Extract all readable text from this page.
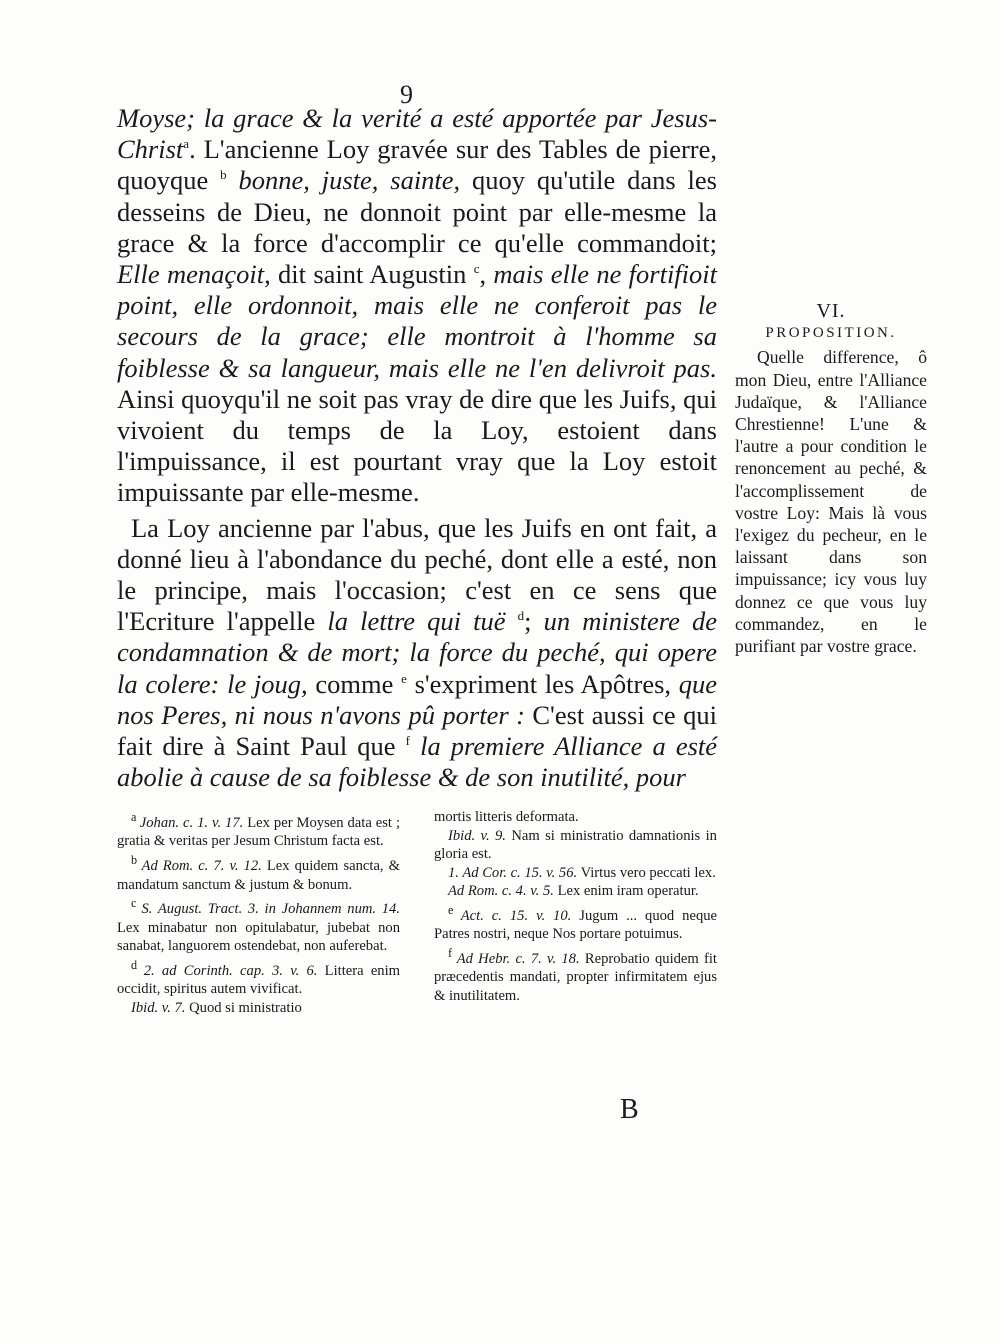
9

Moyse; la grace & la verité a esté apportée par Jesus-Christ$^a$. L'ancienne Loy gravée sur des Tables de pierre, quoyque $^b$ bonne, juste, sainte, quoy qu'utile dans les desseins de Dieu, ne donnoit point par elle-mesme la grace & la force d'accomplir ce qu'elle commandoit; Elle menaçoit, dit saint Augustin $^c$, mais elle ne fortifioit point, elle ordonnoit, mais elle ne conferoit pas le secours de la grace; elle montroit à l'homme sa foiblesse & sa langueur, mais elle ne l'en delivroit pas. Ainsi quoyqu'il ne soit pas vray de dire que les Juifs, qui vivoient du temps de la Loy, estoient dans l'impuissance, il est pourtant vray que la Loy estoit impuissante par elle-mesme.

La Loy ancienne par l'abus, que les Juifs en ont fait, a donné lieu à l'abondance du peché, dont elle a esté, non le principe, mais l'occasion; c'est en ce sens que l'Ecriture l'appelle la lettre qui tuë $^d$; un ministere de condamnation & de mort; la force du peché, qui opere la colere: le joug, comme $^e$ s'expriment les Apôtres, que nos Peres, ni nous n'avons pû porter : C'est aussi ce qui fait dire à Saint Paul que $^f$ la premiere Alliance a esté abolie à cause de sa foiblesse & de son inutilité, pour

VI.
PROPOSITION.
Quelle difference, ô mon Dieu, entre l'Alliance Judaïque, & l'Alliance Chrestienne! L'une & l'autre a pour condition le renoncement au peché, & l'accomplissement de vostre Loy: Mais là vous l'exigez du pecheur, en le laissant dans son impuissance; icy vous luy donnez ce que vous luy commandez, en le purifiant par vostre grace.

$^a$ Johan. c. 1. v. 17. Lex per Moysen data est ; gratia & veritas per Jesum Christum facta est.

$^b$ Ad Rom. c. 7. v. 12. Lex quidem sancta, & mandatum sanctum & justum & bonum.

$^c$ S. August. Tract. 3. in Johannem num. 14. Lex minabatur non opitulabatur, jubebat non sanabat, languorem ostendebat, non auferebat.

$^d$ 2. ad Corinth. cap. 3. v. 6. Littera enim occidit, spiritus autem vivificat.

Ibid. v. 7. Quod si ministratio

mortis litteris deformata.

Ibid. v. 9. Nam si ministratio damnationis in gloria est.

1. Ad Cor. c. 15. v. 56. Virtus vero peccati lex.

Ad Rom. c. 4. v. 5. Lex enim iram operatur.

$^e$ Act. c. 15. v. 10. Jugum ... quod neque Patres nostri, neque Nos portare potuimus.

$^f$ Ad Hebr. c. 7. v. 18. Reprobatio quidem fit præcedentis mandati, propter infirmitatem ejus & inutilitatem.

B
